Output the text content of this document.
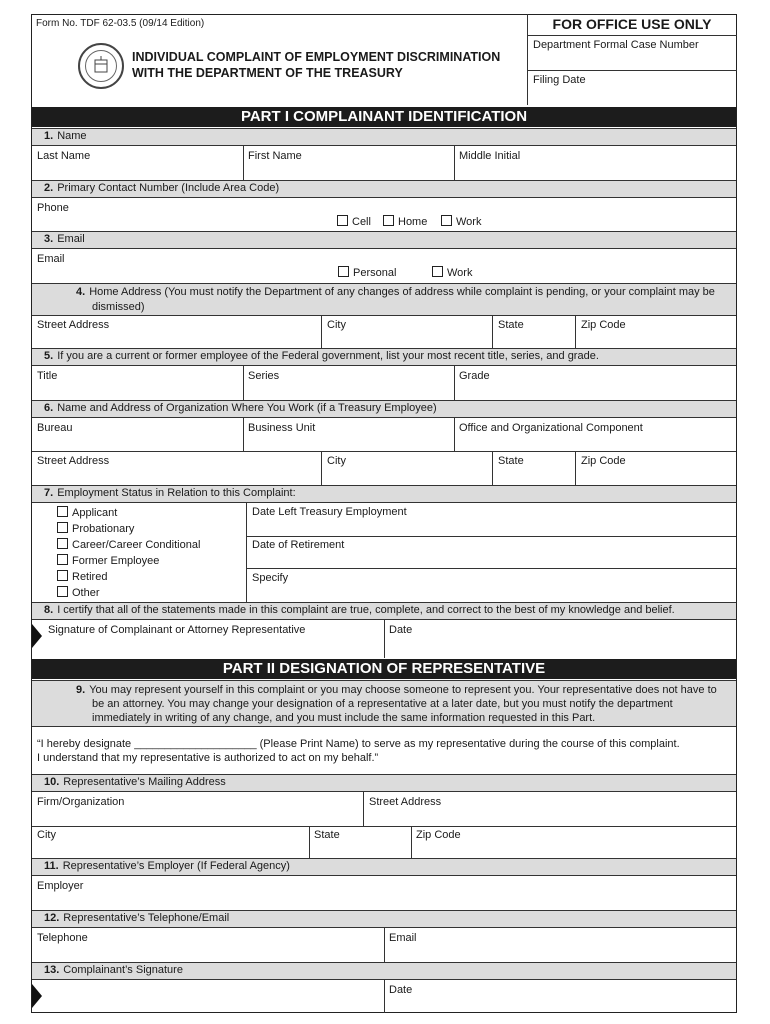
Form No. TDF 62-03.5 (09/14 Edition)
INDIVIDUAL COMPLAINT OF EMPLOYMENT DISCRIMINATION
WITH THE DEPARTMENT OF THE TREASURY
FOR OFFICE USE ONLY
Department Formal Case Number
Filing Date
PART I COMPLAINANT IDENTIFICATION
1. Name
Last Name	First Name	Middle Initial
2. Primary Contact Number (Include Area Code)
Phone
Cell	Home	Work
3. Email
Email
Personal	Work
4. Home Address (You must notify the Department of any changes of address while complaint is pending, or your complaint may be dismissed)
Street Address	City	State	Zip Code
5. If you are a current or former employee of the Federal government, list your most recent title, series, and grade.
Title	Series	Grade
6. Name and Address of Organization Where You Work (if a Treasury Employee)
Bureau	Business Unit	Office and Organizational Component
Street Address	City	State	Zip Code
7. Employment Status in Relation to this Complaint:
Applicant
Probationary
Career/Career Conditional
Former Employee
Retired
Other
Date Left Treasury Employment
Date of Retirement
Specify
8. I certify that all of the statements made in this complaint are true, complete, and correct to the best of my knowledge and belief.
Signature of Complainant or Attorney Representative	Date
PART II DESIGNATION OF REPRESENTATIVE
9. You may represent yourself in this complaint or you may choose someone to represent you. Your representative does not have to be an attorney. You may change your designation of a representative at a later date, but you must notify the department immediately in writing of any change, and you must include the same information requested in this Part.
“I hereby designate ____________________ (Please Print Name) to serve as my representative during the course of this complaint.
I understand that my representative is authorized to act on my behalf.”
10. Representative’s Mailing Address
Firm/Organization	Street Address
City	State	Zip Code
11. Representative’s Employer (If Federal Agency)
Employer
12. Representative’s Telephone/Email
Telephone	Email
13. Complainant’s Signature
Date
